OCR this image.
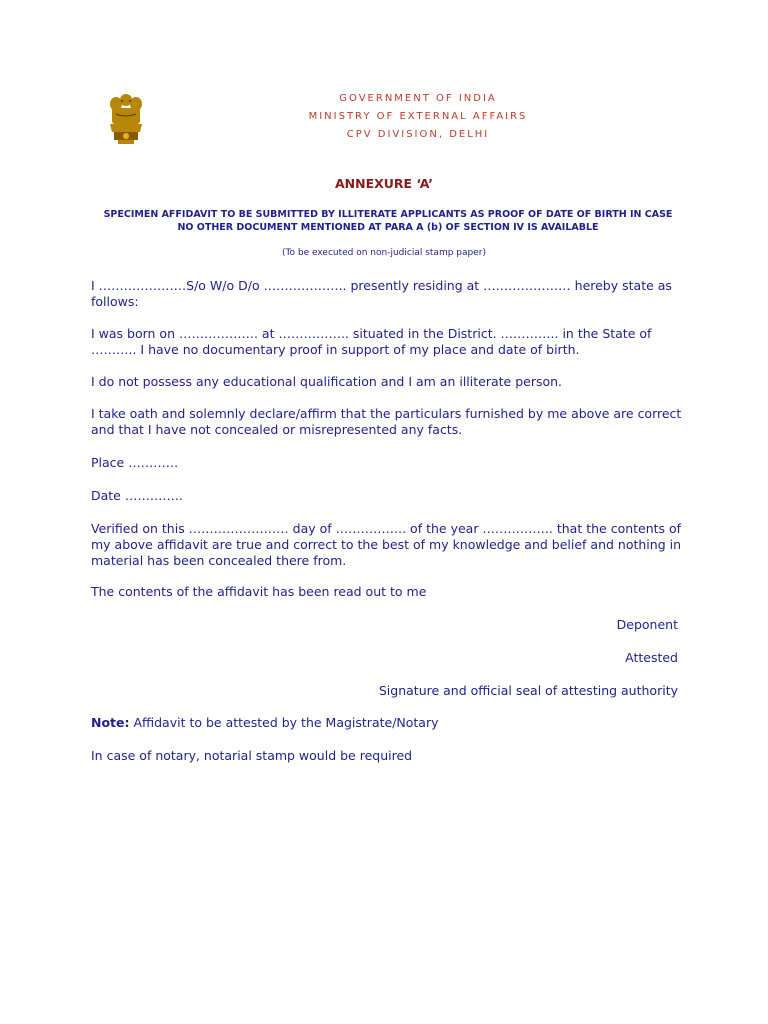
GOVERNMENT OF INDIA
MINISTRY OF EXTERNAL AFFAIRS
CPV DIVISION, DELHI
ANNEXURE ‘A’
SPECIMEN AFFIDAVIT TO BE SUBMITTED BY ILLITERATE APPLICANTS AS PROOF OF DATE OF BIRTH IN CASE
NO OTHER DOCUMENT MENTIONED AT PARA A (b) OF SECTION IV IS AVAILABLE
(To be executed on non-judicial stamp paper)
I …………………S/o W/o D/o ……………….. presently residing at ………………… hereby state as follows:
I was born on ………………. at …………….. situated in the District. ………….. in the State of ……….. I have no documentary proof in support of my place and date of birth.
I do not possess any educational qualification and I am an illiterate person.
I take oath and solemnly declare/affirm that the particulars furnished by me above are correct and that I have not concealed or misrepresented any facts.
Place …………
Date …………..
Verified on this …………………… day of …………….. of the year …………….. that the contents of my above affidavit are true and correct to the best of my knowledge and belief and nothing in material has been concealed there from.
The contents of the affidavit has been read out to me
Deponent
Attested
Signature and official seal of attesting authority
Note: Affidavit to be attested by the Magistrate/Notary
In case of notary, notarial stamp would be required
